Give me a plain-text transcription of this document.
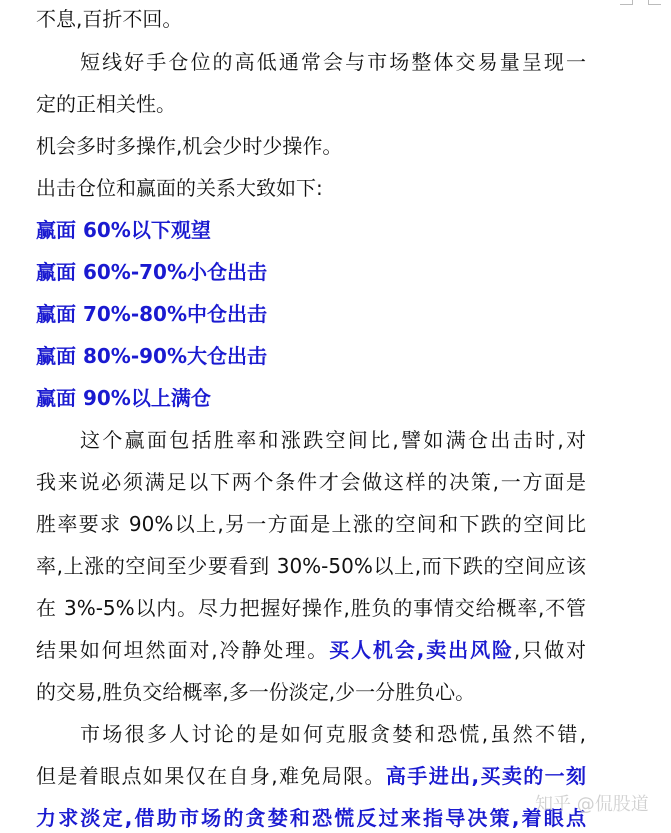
不息,百折不回。
短线好手仓位的高低通常会与市场整体交易量呈现一
定的正相关性。
机会多时多操作,机会少时少操作。
出击仓位和赢面的关系大致如下:
赢面 60%以下观望
赢面 60%-70%小仓出击
赢面 70%-80%中仓出击
赢面 80%-90%大仓出击
赢面 90%以上满仓
这个赢面包括胜率和涨跌空间比,譬如满仓出击时,对
我来说必须满足以下两个条件才会做这样的决策,一方面是
胜率要求 90%以上,另一方面是上涨的空间和下跌的空间比
率,上涨的空间至少要看到 30%-50%以上,而下跌的空间应该
在 3%-5%以内。尽力把握好操作,胜负的事情交给概率,不管
结果如何坦然面对,冷静处理。买人机会,卖出风险,只做对
的交易,胜负交给概率,多一份淡定,少一分胜负心。
市场很多人讨论的是如何克服贪婪和恐慌,虽然不错,
但是着眼点如果仅在自身,难免局限。高手进出,买卖的一刻
力求淡定,借助市场的贪婪和恐慌反过来指导决策,着眼点
知乎 @侃股道
